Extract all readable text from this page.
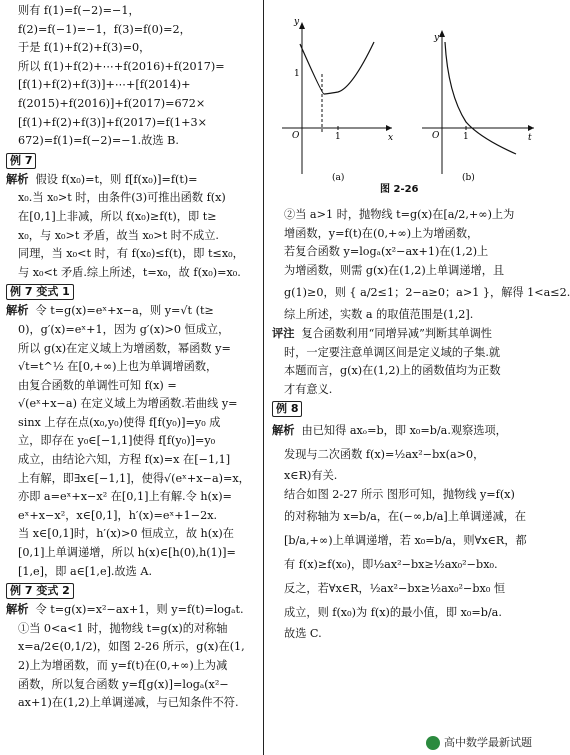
则有 f(1)=f(−2)=−1，
f(2)=f(−1)=−1，f(3)=f(0)=2，
于是 f(1)+f(2)+f(3)=0，
所以 f(1)+f(2)+⋯+f(2016)+f(2017)=
[f(1)+f(2)+f(3)]+⋯+[f(2014)+
f(2015)+f(2016)]+f(2017)=672×
[f(1)+f(2)+f(3)]+f(2017)=f(1+3×
672)=f(1)=f(−2)=−1.故选 B.
例 7
解析 假设 f(x₀)=t，则 f[f(x₀)]=f(t)=
x₀.当 x₀>t 时，由条件(3)可推出函数 f(x)
在[0,1]上非减，所以 f(x₀)≥f(t)，即 t≥
x₀，与 x₀>t 矛盾，故当 x₀>t 时不成立.
同理，当 x₀<t 时，有 f(x₀)≤f(t)，即 t≤x₀，
与 x₀<t 矛盾.综上所述，t=x₀，故 f(x₀)=x₀.
例 7 变式 1
解析 令 t=g(x)=eˣ+x−a，则 y=√t (t≥
0)，g′(x)=eˣ+1，因为 g′(x)>0 恒成立，
所以 g(x)在定义域上为增函数，幂函数 y=
√t=t^½ 在[0,+∞)上也为单调增函数，
由复合函数的单调性可知 f(x) =
√(eˣ+x−a) 在定义域上为增函数.若曲线 y=
sinx 上存在点(x₀,y₀)使得 f[f(y₀)]=y₀ 成
立，即存在 y₀∈[−1,1]使得 f[f(y₀)]=y₀
成立，由结论六知，方程 f(x)=x 在[−1,1]
上有解，即∃x∈[−1,1]，使得√(eˣ+x−a)=x，
亦即 a=eˣ+x−x² 在[0,1]上有解.令 h(x)=
eˣ+x−x²，x∈[0,1]，h′(x)=eˣ+1−2x.
当 x∈[0,1]时，h′(x)>0 恒成立，故 h(x)在
[0,1]上单调递增，所以 h(x)∈[h(0),h(1)]=
[1,e]，即 a∈[1,e].故选 A.
例 7 变式 2
解析 令 t=g(x)=x²−ax+1，则 y=f(t)=logₐt.
①当 0<a<1 时，抛物线 t=g(x)的对称轴
x=a/2∈(0,1/2)，如图 2-26 所示，g(x)在(1,
2)上为增函数，而 y=f(t)在(0,+∞)上为减
函数，所以复合函数 y=f[g(x)]=logₐ(x²−
ax+1)在(1,2)上单调递减，与已知条件不符.
y
x
O	1
1
y
t
O	1
(a)	(b)
图 2-26
②当 a>1 时，抛物线 t=g(x)在[a/2,+∞)上为
增函数，y=f(t)在(0,+∞)上为增函数，
若复合函数 y=logₐ(x²−ax+1)在(1,2)上
为增函数，则需 g(x)在(1,2)上单调递增，且
g(1)≥0，则 { a/2≤1；2−a≥0；a>1 }，解得 1<a≤2.
综上所述，实数 a 的取值范围是(1,2].
评注 复合函数利用“同增异减”判断其单调性
时，一定要注意单调区间是定义域的子集.就
本题而言，g(x)在(1,2)上的函数值均为正数
才有意义.
例 8
解析 由已知得 axₒ=b，即 x₀=b/a.观察选项，
发现与二次函数 f(x)=½ax²−bx(a>0，
x∈R)有关.
结合如图 2-27 所示 图形可知，抛物线 y=f(x)
的对称轴为 x=b/a，在(−∞,b/a]上单调递减，在
[b/a,+∞)上单调递增，若 x₀=b/a，则∀x∈R，都
有 f(x)≥f(x₀)，即½ax²−bx≥½ax₀²−bx₀.
反之，若∀x∈R，½ax²−bx≥½ax₀²−bx₀ 恒
成立，则 f(x₀)为 f(x)的最小值，即 x₀=b/a.
故选 C.
高中数学最新试题
